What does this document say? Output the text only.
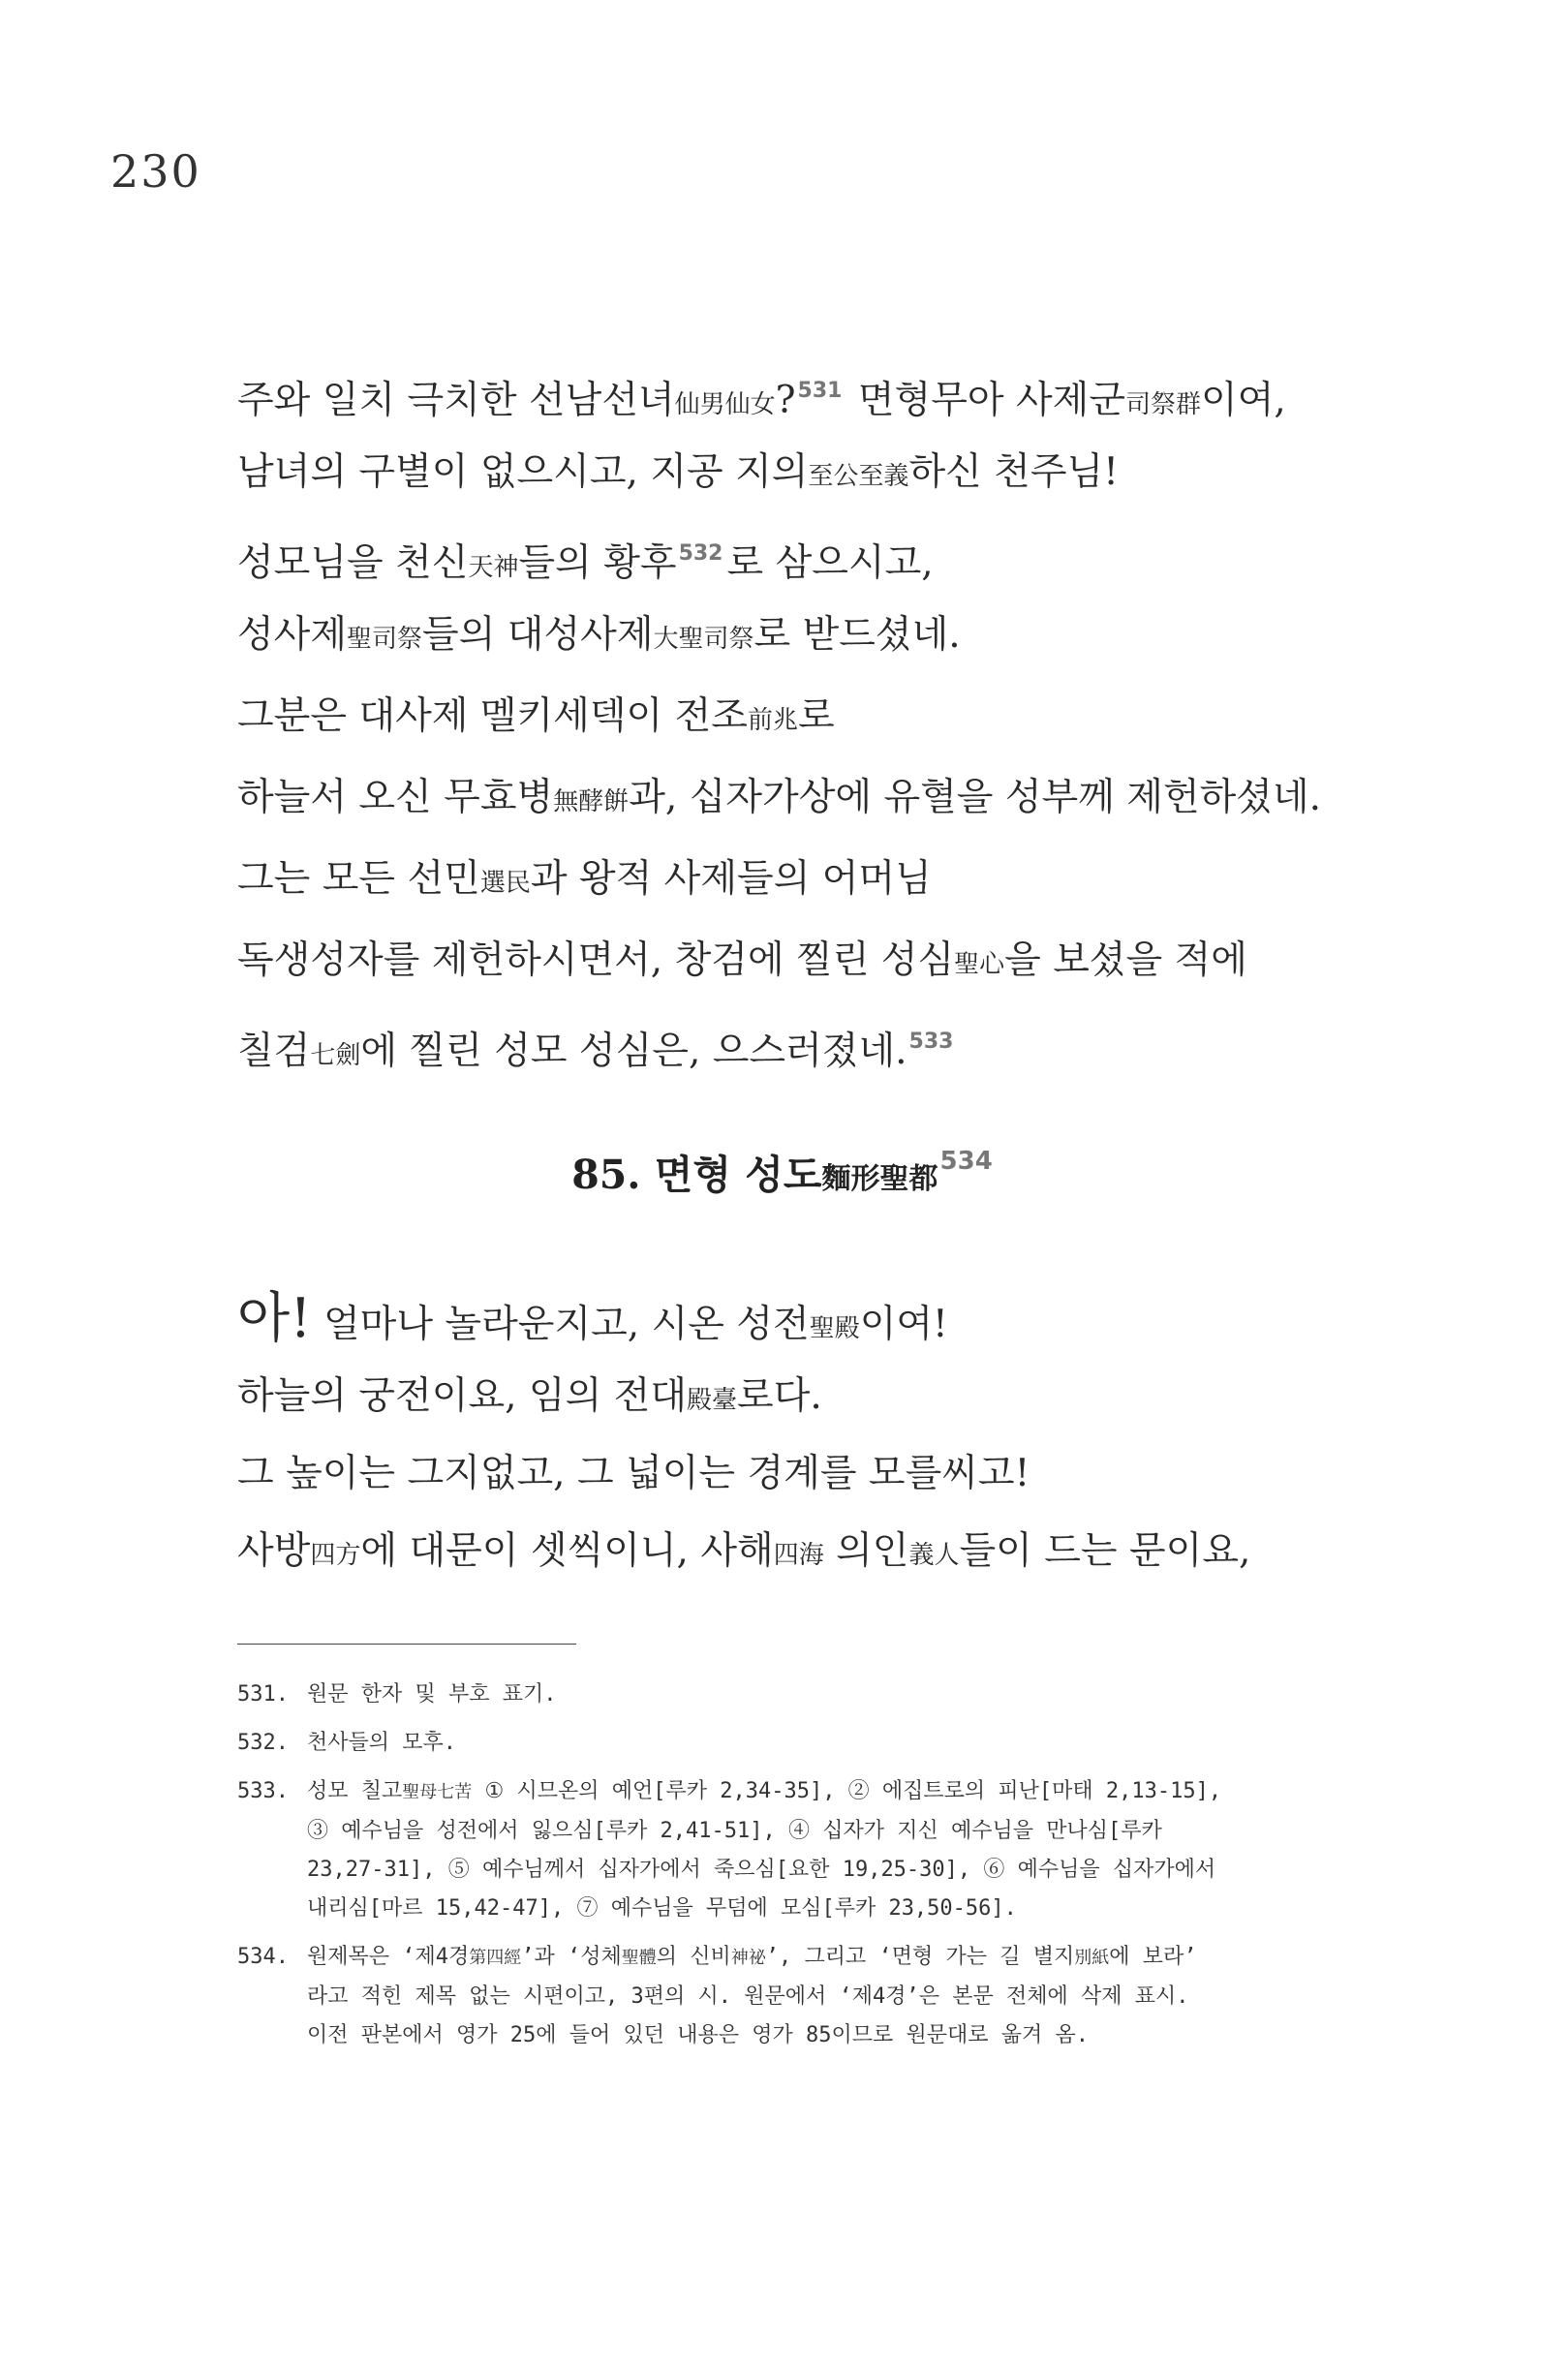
230
주와 일치 극치한 선남선녀仙男仙女?$^{531}$ 면형무아 사제군司祭群이여,
남녀의 구별이 없으시고, 지공 지의至公至義하신 천주님!
성모님을 천신天神들의 황후$^{532}$ 로 삼으시고,
성사제聖司祭들의 대성사제大聖司祭로 받드셨네.
그분은 대사제 멜키세덱이 전조前兆로
하늘서 오신 무효병無酵餠과, 십자가상에 유혈을 성부께 제헌하셨네.
그는 모든 선민選民과 왕적 사제들의 어머님
독생성자를 제헌하시면서, 창검에 찔린 성심聖心을 보셨을 적에
칠검七劍에 찔린 성모 성심은, 으스러졌네.$^{533}$
85. 면형 성도麵形聖都$^{534}$
아! 얼마나 놀라운지고, 시온 성전聖殿이여!
하늘의 궁전이요, 임의 전대殿臺로다.
그 높이는 그지없고, 그 넓이는 경계를 모를씨고!
사방四方에 대문이 셋씩이니, 사해四海 의인義人들이 드는 문이요,
531. 원문 한자 및 부호 표기.
532. 천사들의 모후.
533. 성모 칠고聖母七苦 ① 시므온의 예언[루카 2,34-35], ② 에집트로의 피난[마태 2,13-15],
③ 예수님을 성전에서 잃으심[루카 2,41-51], ④ 십자가 지신 예수님을 만나심[루카
23,27-31], ⑤ 예수님께서 십자가에서 죽으심[요한 19,25-30], ⑥ 예수님을 십자가에서
내리심[마르 15,42-47], ⑦ 예수님을 무덤에 모심[루카 23,50-56].
534. 원제목은 ‘제4경第四經’과 ‘성체聖體의 신비神祕’, 그리고 ‘면형 가는 길 별지別紙에 보라’
라고 적힌 제목 없는 시편이고, 3편의 시. 원문에서 ‘제4경’은 본문 전체에 삭제 표시.
이전 판본에서 영가 25에 들어 있던 내용은 영가 85이므로 원문대로 옮겨 옴.
